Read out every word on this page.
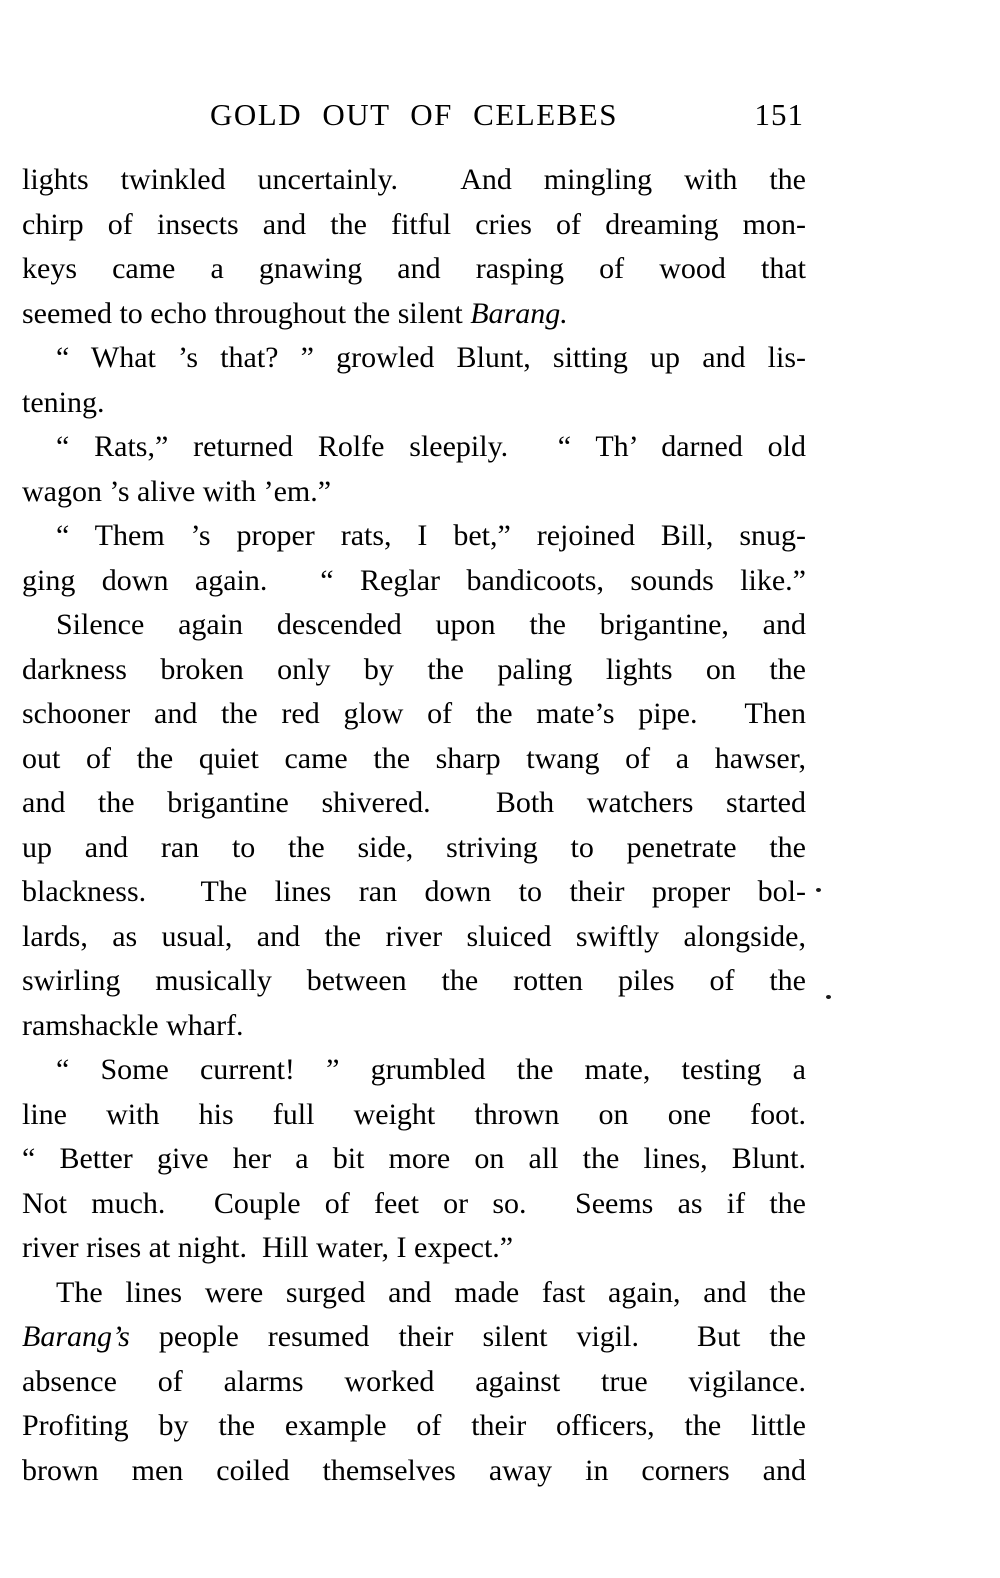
GOLD OUT OF CELEBES	151
lights twinkled uncertainly.  And mingling with the
chirp of insects and the fitful cries of dreaming mon-
keys came a gnawing and rasping of wood that
seemed to echo throughout the silent Barang.
“ What ’s that? ” growled Blunt, sitting up and lis-
tening.
“ Rats,” returned Rolfe sleepily.  “ Th’ darned old
wagon ’s alive with ’em.”
“ Them ’s proper rats, I bet,” rejoined Bill, snug-
ging down again.  “ Reglar bandicoots, sounds like.”
Silence again descended upon the brigantine, and
darkness broken only by the paling lights on the
schooner and the red glow of the mate’s pipe.  Then
out of the quiet came the sharp twang of a hawser,
and the brigantine shivered.  Both watchers started
up and ran to the side, striving to penetrate the
blackness.  The lines ran down to their proper bol-
lards, as usual, and the river sluiced swiftly alongside,
swirling musically between the rotten piles of the
ramshackle wharf.
“ Some current! ” grumbled the mate, testing a
line with his full weight thrown on one foot.
“ Better give her a bit more on all the lines, Blunt.
Not much.  Couple of feet or so.  Seems as if the
river rises at night.  Hill water, I expect.”
The lines were surged and made fast again, and the
Barang’s people resumed their silent vigil.  But the
absence of alarms worked against true vigilance.
Profiting by the example of their officers, the little
brown men coiled themselves away in corners and
